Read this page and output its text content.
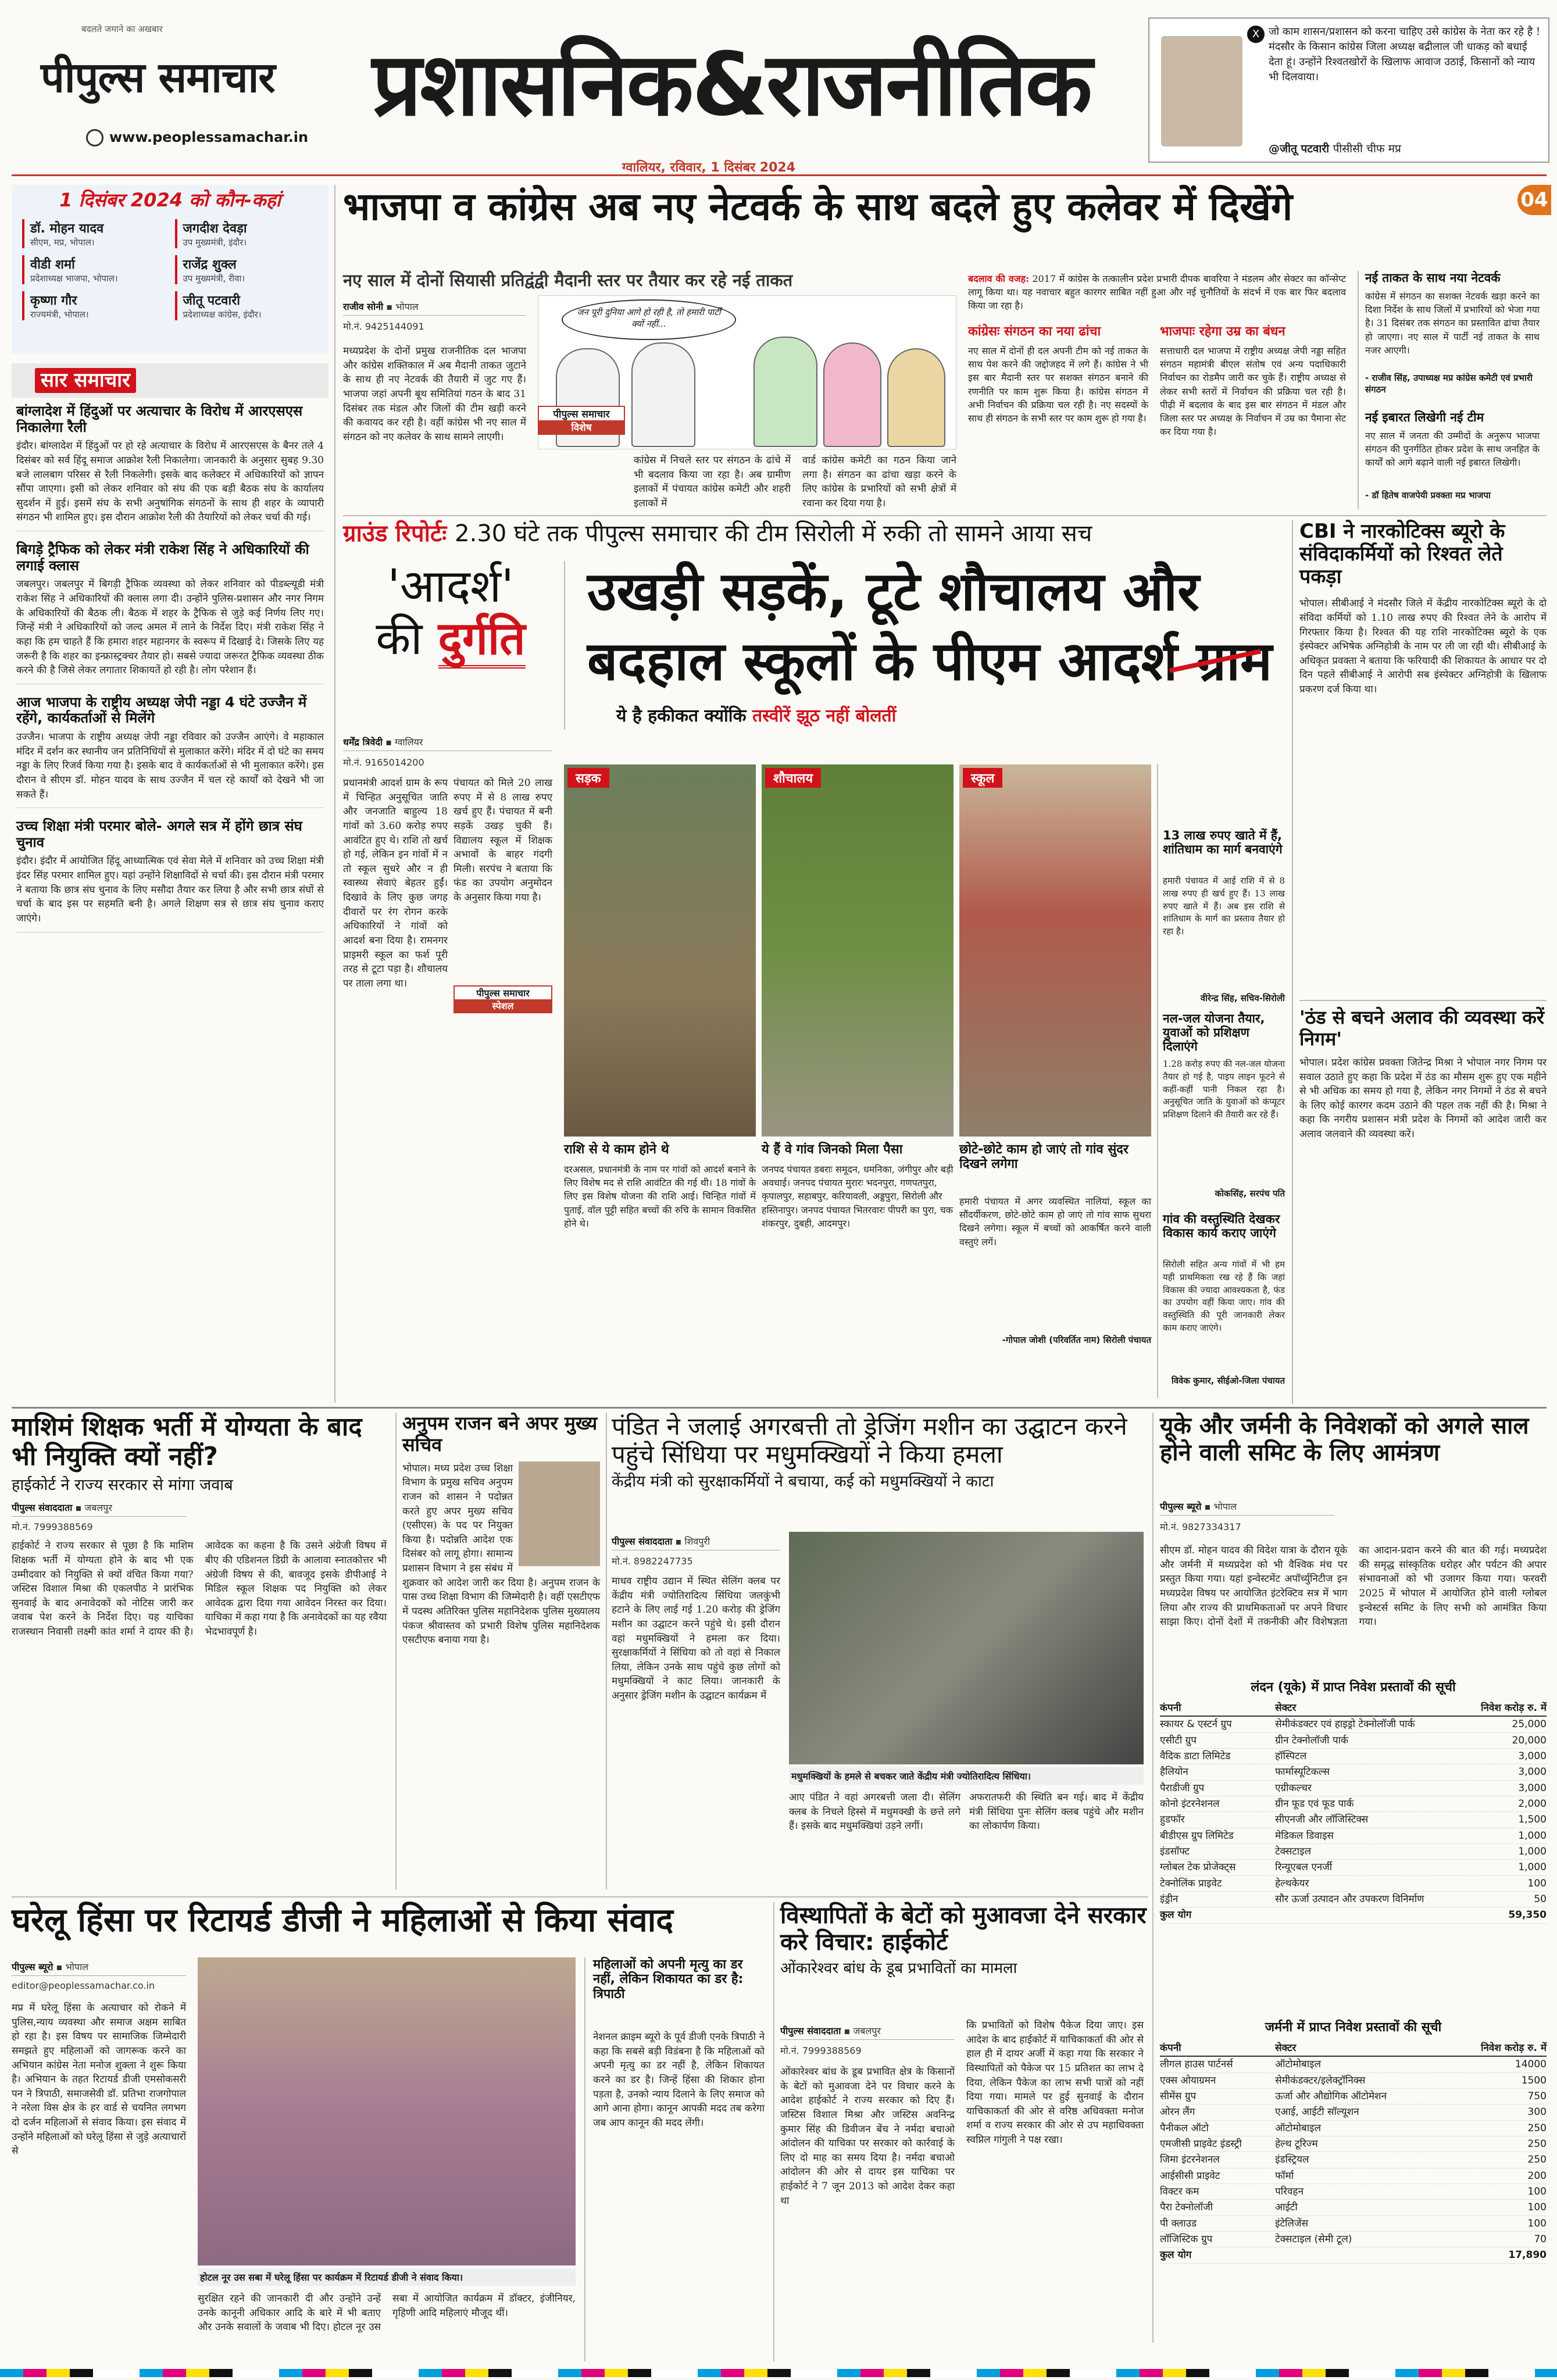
बदलते जमाने का अखबार
पीपुल्स समाचार
www.peoplessamachar.in
प्रशासनिक&राजनीतिक
ग्वालियर, रविवार, 1 दिसंबर 2024
X जो काम शासन/प्रशासन को करना चाहिए उसे कांग्रेस के नेता कर रहे है ! मंदसौर के किसान कांग्रेस जिला अध्यक्ष बद्रीलाल जी धाकड़ को बधाई देता हूं। उन्होंने रिश्वतखोरों के खिलाफ आवाज उठाई, किसानों को न्याय भी दिलवाया।
@जीतू पटवारी पीसीसी चीफ मप्र
04
1 दिसंबर 2024 को कौन-कहां
डॉ. मोहन यादव
सीएम, मप्र, भोपाल।
जगदीश देवड़ा
उप मुख्यमंत्री, इंदौर।
वीडी शर्मा
प्रदेशाध्यक्ष भाजपा, भोपाल।
राजेंद्र शुक्ल
उप मुख्यमंत्री, रीवा।
कृष्णा गौर
राज्यमंत्री, भोपाल।
जीतू पटवारी
प्रदेशाध्यक्ष कांग्रेस, इंदौर।
सार समाचार
बांग्लादेश में हिंदुओं पर अत्याचार के विरोध में आरएसएस निकालेगा रैली
इंदौर। बांग्लादेश में हिंदुओं पर हो रहे अत्याचार के विरोध में आरएसएस के बैनर तले 4 दिसंबर को सर्व हिंदू समाज आक्रोश रैली निकालेगा। जानकारी के अनुसार सुबह 9.30 बजे लालबाग परिसर से रैली निकलेगी। इसके बाद कलेक्टर में अधिकारियों को ज्ञापन सौंपा जाएगा। इसी को लेकर शनिवार को संघ की एक बड़ी बैठक संघ के कार्यालय सुदर्शन में हुई। इसमें संघ के सभी अनुषांगिक संगठनों के साथ ही शहर के व्यापारी संगठन भी शामिल हुए। इस दौरान आक्रोश रैली की तैयारियों को लेकर चर्चा की गई।
बिगड़े ट्रैफिक को लेकर मंत्री राकेश सिंह ने अधिकारियों की लगाई क्लास
जबलपुर। जबलपुर में बिगड़ी ट्रैफिक व्यवस्था को लेकर शनिवार को पीडब्ल्यूडी मंत्री राकेश सिंह ने अधिकारियों की क्लास लगा दी। उन्होंने पुलिस-प्रशासन और नगर निगम के अधिकारियों की बैठक ली। बैठक में शहर के ट्रैफिक से जुड़े कई निर्णय लिए गए। जिन्हें मंत्री ने अधिकारियों को जल्द अमल में लाने के निर्देश दिए। मंत्री राकेश सिंह ने कहा कि हम चाहते हैं कि हमारा शहर महानगर के स्वरूप में दिखाई दे। जिसके लिए यह जरूरी है कि शहर का इन्फ्रास्ट्रक्चर तैयार हो। सबसे ज्यादा जरूरत ट्रैफिक व्यवस्था ठीक करने की है जिसे लेकर लगातार शिकायतें हो रही है। लोग परेशान हैं।
आज भाजपा के राष्ट्रीय अध्यक्ष जेपी नड्डा 4 घंटे उज्जैन में रहेंगे, कार्यकर्ताओं से मिलेंगे
उज्जैन। भाजपा के राष्ट्रीय अध्यक्ष जेपी नड्डा रविवार को उज्जैन आएंगे। वे महाकाल मंदिर में दर्शन कर स्थानीय जन प्रतिनिधियों से मुलाकात करेंगे। मंदिर में दो घंटे का समय नड्डा के लिए रिजर्व किया गया है। इसके बाद वे कार्यकर्ताओं से भी मुलाकात करेंगे। इस दौरान वे सीएम डॉ. मोहन यादव के साथ उज्जैन में चल रहे कार्यों को देखने भी जा सकते हैं।
उच्च शिक्षा मंत्री परमार बोले- अगले सत्र में होंगे छात्र संघ चुनाव
इंदौर। इंदौर में आयोजित हिंदू आध्यात्मिक एवं सेवा मेले में शनिवार को उच्च शिक्षा मंत्री इंदर सिंह परमार शामिल हुए। यहां उन्होंने शिक्षाविदों से चर्चा की। इस दौरान मंत्री परमार ने बताया कि छात्र संघ चुनाव के लिए मसौदा तैयार कर लिया है और सभी छात्र संघों से चर्चा के बाद इस पर सहमति बनी है। अगले शिक्षण सत्र से छात्र संघ चुनाव कराए जाएंगे।
भाजपा व कांग्रेस अब नए नेटवर्क के साथ बदले हुए कलेवर में दिखेंगे
नए साल में दोनों सियासी प्रतिद्वंद्वी मैदानी स्तर पर तैयार कर रहे नई ताकत
राजीव सोनी ▪ भोपाल
मो.नं. 9425144091
मध्यप्रदेश के दोनों प्रमुख राजनीतिक दल भाजपा और कांग्रेस शक्तिकाल में अब मैदानी ताकत जुटाने के साथ ही नए नेटवर्क की तैयारी में जुट गए हैं। भाजपा जहां अपनी बूथ समितियां गठन के बाद 31 दिसंबर तक मंडल और जिलों की टीम खड़ी करने की कवायद कर रही है। वहीं कांग्रेस भी नए साल में संगठन को नए कलेवर के साथ सामने लाएगी।
जन पूरी दुनिया आगे हो रही है, तो हमारी पार्टी क्यों नहीं...
पीपुल्स समाचार
विशेष
कांग्रेस में निचले स्तर पर संगठन के ढांचे में भी बदलाव किया जा रहा है। अब ग्रामीण इलाकों में पंचायत कांग्रेस कमेटी और शहरी इलाकों में
वार्ड कांग्रेस कमेटी का गठन किया जाने लगा है। संगठन का ढांचा खड़ा करने के लिए कांग्रेस के प्रभारियों को सभी क्षेत्रों में रवाना कर दिया गया है।
बदलाव की वजह: 2017 में कांग्रेस के तत्कालीन प्रदेश प्रभारी दीपक बावरिया ने मंडलम और सेक्टर का कॉन्सेप्ट लागू किया था। यह नवाचार बहुत कारगर साबित नहीं हुआ और नई चुनौतियों के संदर्भ में एक बार फिर बदलाव किया जा रहा है।
कांग्रेसः संगठन का नया ढांचा
नए साल में दोनों ही दल अपनी टीम को नई ताकत के साथ पेश करने की जद्दोजहद में लगे हैं। कांग्रेस ने भी इस बार मैदानी स्तर पर सशक्त संगठन बनाने की रणनीति पर काम शुरू किया है। कांग्रेस संगठन में अभी निर्वाचन की प्रक्रिया चल रही है। नए सदस्यों के साथ ही संगठन के सभी स्तर पर काम शुरू हो गया है।
भाजपाः रहेगा उम्र का बंधन
सत्ताधारी दल भाजपा में राष्ट्रीय अध्यक्ष जेपी नड्डा सहित संगठन महामंत्री बीएल संतोष एवं अन्य पदाधिकारी निर्वाचन का रोडमैप जारी कर चुके हैं। राष्ट्रीय अध्यक्ष से लेकर सभी स्तरों में निर्वाचन की प्रक्रिया चल रही है। पीढ़ी में बदलाव के बाद इस बार संगठन में मंडल और जिला स्तर पर अध्यक्ष के निर्वाचन में उम्र का पैमाना सेट कर दिया गया है।
नई ताकत के साथ नया नेटवर्क
कांग्रेस में संगठन का सशक्त नेटवर्क खड़ा करने का दिशा निर्देश के साथ जिलों में प्रभारियों को भेजा गया है। 31 दिसंबर तक संगठन का प्रस्तावित ढांचा तैयार हो जाएगा। नए साल में पार्टी नई ताकत के साथ नजर आएगी।
- राजीव सिंह, उपाध्यक्ष मप्र कांग्रेस कमेटी एवं प्रभारी संगठन
नई इबारत लिखेगी नई टीम
नए साल में जनता की उम्मीदों के अनुरूप भाजपा संगठन की पुनर्गठित होकर प्रदेश के साथ जनहित के कार्यों को आगे बढ़ाने वाली नई इबारत लिखेगी।
- डॉ हितेष वाजपेयी प्रवक्ता मप्र भाजपा
ग्राउंड रिपोर्टः 2.30 घंटे तक पीपुल्स समाचार की टीम सिरोली में रुकी तो सामने आया सच
'आदर्श'
की दुर्गति
उखड़ी सड़कें, टूटे शौचालय और
बदहाल स्कूलों के पीएम आदर्श ग्राम
ये है हकीकत क्योंकि तस्वीरें झूठ नहीं बोलतीं
धर्मेंद्र त्रिवेदी ▪ ग्वालियर
मो.नं. 9165014200
प्रधानमंत्री आदर्श ग्राम के रूप में चिन्हित अनुसूचित जाति और जनजाति बाहुल्य 18 गांवों को 3.60 करोड़ रुपए आवंटित हुए थे। राशि तो खर्च हो गई, लेकिन इन गांवों में न तो स्कूल सुधरे और न ही स्वास्थ्य सेवाएं बेहतर हुईं। दिखावे के लिए कुछ जगह दीवारों पर रंग रोगन करके अधिकारियों ने गांवों को आदर्श बना दिया है। रामनगर प्राइमरी स्कूल का फर्श पूरी तरह से टूटा पड़ा है। शौचालय पर ताला लगा था।
पीपुल्स समाचार
स्पेशल
पंचायत को मिले 20 लाख रुपए में से 8 लाख रुपए खर्च हुए हैं। पंचायत में बनी सड़कें उखड़ चुकी हैं। विद्यालय स्कूल में शिक्षक अभावों के बाहर गंदगी मिली। सरपंच ने बताया कि फंड का उपयोग अनुमोदन के अनुसार किया गया है।
सड़क	शौचालय	स्कूल
राशि से ये काम होने थे
दरअसल, प्रधानमंत्री के नाम पर गांवों को आदर्श बनाने के लिए विशेष मद से राशि आवंटित की गई थी। 18 गांवों के लिए इस विशेष योजना की राशि आई। चिन्हित गांवों में पुताई, वॉल पुट्टी सहित बच्चों की रुचि के सामान विकसित होने थे।
ये हैं वे गांव जिनको मिला पैसा
जनपद पंचायत डबराः समूदन, धमनिका, जंगीपुर और बड़ी अवधाई। जनपद पंचायत मुरारः भदनपुरा, गणपतपुरा, कृपालपुर, सहाबपुर, करियावली, अड्डपुरा, सिरोली और हस्तिनापुर। जनपद पंचायत भितरवारः पीपरी का पुरा, चक शंकरपुर, दुबही, आदमपुर।
छोटे-छोटे काम हो जाएं तो गांव सुंदर दिखने लगेगा
हमारी पंचायत में अगर व्यवस्थित नालियां, स्कूल का सौंदर्यीकरण, छोटे-छोटे काम हो जाएं तो गांव साफ सुथरा दिखने लगेगा। स्कूल में बच्चों को आकर्षित करने वाली वस्तुएं लगें।
-गोपाल जोशी (परिवर्तित नाम) सिरोली पंचायत
13 लाख रुपए खाते में हैं, शांतिधाम का मार्ग बनवाएंगे
हमारी पंचायत में आई राशि में से 8 लाख रुपए ही खर्च हुए हैं। 13 लाख रुपए खाते में हैं। अब इस राशि से शांतिधाम के मार्ग का प्रस्ताव तैयार हो रहा है।
वीरेन्द्र सिंह, सचिव-सिरोली
नल-जल योजना तैयार, युवाओं को प्रशिक्षण दिलाएंगे
1.28 करोड़ रुपए की नल-जल योजना तैयार हो गई है, पाइप लाइन फूटने से कहीं-कहीं पानी निकल रहा है। अनुसूचित जाति के युवाओं को कंप्यूटर प्रशिक्षण दिलाने की तैयारी कर रहे हैं।
कोकसिंह, सरपंच पति
गांव की वस्तुस्थिति देखकर विकास कार्य कराए जाएंगे
सिरोली सहित अन्य गांवों में भी हम यही प्राथमिकता रख रहे हैं कि जहां विकास की ज्यादा आवश्यकता है, फंड का उपयोग वहीं किया जाए। गांव की वस्तुस्थिति की पूरी जानकारी लेकर काम कराए जाएंगे।
विवेक कुमार, सीईओ-जिला पंचायत
CBI ने नारकोटिक्स ब्यूरो के संविदाकर्मियों को रिश्वत लेते पकड़ा
भोपाल। सीबीआई ने मंदसौर जिले में केंद्रीय नारकोटिक्स ब्यूरो के दो संविदा कर्मियों को 1.10 लाख रुपए की रिश्वत लेने के आरोप में गिरफ्तार किया है। रिश्वत की यह राशि नारकोटिक्स ब्यूरो के एक इंस्पेक्टर अभिषेक अग्निहोत्री के नाम पर ली जा रही थी। सीबीआई के अधिकृत प्रवक्ता ने बताया कि फरियादी की शिकायत के आधार पर दो दिन पहले सीबीआई ने आरोपी सब इंस्पेक्टर अग्निहोत्री के खिलाफ प्रकरण दर्ज किया था।
'ठंड से बचने अलाव की व्यवस्था करें निगम'
भोपाल। प्रदेश कांग्रेस प्रवक्ता जितेन्द्र मिश्रा ने भोपाल नगर निगम पर सवाल उठाते हुए कहा कि प्रदेश में ठंड का मौसम शुरू हुए एक महीने से भी अधिक का समय हो गया है, लेकिन नगर निगमों ने ठंड से बचने के लिए कोई कारगर कदम उठाने की पहल तक नहीं की है। मिश्रा ने कहा कि नगरीय प्रशासन मंत्री प्रदेश के निगमों को आदेश जारी कर अलाव जलवाने की व्यवस्था करें।
माशिमं शिक्षक भर्ती में योग्यता के बाद भी नियुक्ति क्यों नहीं?
हाईकोर्ट ने राज्य सरकार से मांगा जवाब
पीपुल्स संवाददाता ▪ जबलपुर
मो.नं. 7999388569
हाईकोर्ट ने राज्य सरकार से पूछा है कि माशिम शिक्षक भर्ती में योग्यता होने के बाद भी एक उम्मीदवार को नियुक्ति से क्यों वंचित किया गया? जस्टिस विशाल मिश्रा की एकलपीठ ने प्रारंभिक सुनवाई के बाद अनावेदकों को नोटिस जारी कर जवाब पेश करने के निर्देश दिए। यह याचिका राजस्थान निवासी लक्ष्मी कांत शर्मा ने दायर की है। आवेदक का कहना है कि उसने अंग्रेजी विषय में बीए की एडिशनल डिग्री के आलावा स्नातकोत्तर भी अंग्रेजी विषय से की, बावजूद इसके डीपीआई ने मिडिल स्कूल शिक्षक पद नियुक्ति को लेकर आवेदक द्वारा दिया गया आवेदन निरस्त कर दिया। याचिका में कहा गया है कि अनावेदकों का यह रवैया भेदभावपूर्ण है।
अनुपम राजन बने अपर मुख्य सचिव
भोपाल। मध्य प्रदेश उच्च शिक्षा विभाग के प्रमुख सचिव अनुपम राजन को शासन ने पदोन्नत करते हुए अपर मुख्य सचिव (एसीएस) के पद पर नियुक्त किया है। पदोन्नति आदेश एक दिसंबर को लागू होगा। सामान्य प्रशासन विभाग ने इस संबंध में शुक्रवार को आदेश जारी कर दिया है। अनुपम राजन के पास उच्च शिक्षा विभाग की जिम्मेदारी है। वहीं एसटीएफ में पदस्थ अतिरिक्त पुलिस महानिदेशक पुलिस मुख्यालय पंकज श्रीवास्तव को प्रभारी विशेष पुलिस महानिदेशक एसटीएफ बनाया गया है।
पंडित ने जलाई अगरबत्ती तो ड्रेजिंग मशीन का उद्घाटन करने पहुंचे सिंधिया पर मधुमक्खियों ने किया हमला
केंद्रीय मंत्री को सुरक्षाकर्मियों ने बचाया, कई को मधुमक्खियों ने काटा
पीपुल्स संवाददाता ▪ शिवपुरी
मो.नं. 8982247735
माधव राष्ट्रीय उद्यान में स्थित सेलिंग क्लब पर केंद्रीय मंत्री ज्योतिरादित्य सिंधिया जलकुंभी हटाने के लिए लाई गई 1.20 करोड़ की ड्रेजिंग मशीन का उद्घाटन करने पहुंचे थे। इसी दौरान वहां मधुमक्खियों ने हमला कर दिया। सुरक्षाकर्मियों ने सिंधिया को तो वहां से निकाल लिया, लेकिन उनके साथ पहुंचे कुछ लोगों को मधुमक्खियों ने काट लिया। जानकारी के अनुसार ड्रेजिंग मशीन के उद्घाटन कार्यक्रम में
मधुमक्खियों के हमले से बचकर जाते केंद्रीय मंत्री ज्योतिरादित्य सिंधिया।
आए पंडित ने वहां अगरबत्ती जला दी। सेलिंग क्लब के निचले हिस्से में मधुमक्खी के छत्ते लगे हैं। इसके बाद मधुमक्खियां उड़ने लगीं।
अफरातफरी की स्थिति बन गई। बाद में केंद्रीय मंत्री सिंधिया पुनः सेलिंग क्लब पहुंचे और मशीन का लोकार्पण किया।
यूके और जर्मनी के निवेशकों को अगले साल होने वाली समिट के लिए आमंत्रण
पीपुल्स ब्यूरो ▪ भोपाल
मो.नं. 9827334317
सीएम डॉ. मोहन यादव की विदेश यात्रा के दौरान यूके और जर्मनी में मध्यप्रदेश को भी वैश्विक मंच पर प्रस्तुत किया गया। यहां इन्वेस्टमेंट अपॉर्च्युनिटीज इन मध्यप्रदेश विषय पर आयोजित इंटरेक्टिव सत्र में भाग लिया और राज्य की प्राथमिकताओं पर अपने विचार साझा किए। दोनों देशों में तकनीकी और विशेषज्ञता का आदान-प्रदान करने की बात की गई। मध्यप्रदेश की समृद्ध सांस्कृतिक धरोहर और पर्यटन की अपार संभावनाओं को भी उजागर किया गया। फरवरी 2025 में भोपाल में आयोजित होने वाली ग्लोबल इन्वेस्टर्स समिट के लिए सभी को आमंत्रित किया गया।
लंदन (यूके) में प्राप्त निवेश प्रस्तावों की सूची
कंपनी	सेक्टर	निवेश करोड़ रु. में
स्कायर & एस्टर्न ग्रुप	सेमीकंडक्टर एवं हाइड्रो टेक्नोलॉजी पार्क	25,000
एसीटी ग्रुप	ग्रीन टेक्नोलॉजी पार्क	20,000
वैदिक डाटा लिमिटेड	हॉस्पिटल	3,000
हैलियोन	फार्मास्यूटिकल्स	3,000
पैराडीजी ग्रुप	एग्रीकल्चर	3,000
कोनो इंटरनेशनल	ग्रीन फूड एवं फूड पार्क	2,000
हुडफॉर	सीएनजी और लॉजिस्टिक्स	1,500
बीडीएस ग्रुप लिमिटेड	मेडिकल डिवाइस	1,000
इंडसॉफ्ट	टेक्सटाइल	1,000
ग्लोबल टेक प्रोजेक्ट्स	रिन्यूएबल एनर्जी	1,000
टेक्नोलिंक प्राइवेट	हेल्थकेयर	100
इंड्रीन	सौर ऊर्जा उत्पादन और उपकरण विनिर्माण	50
कुल योग	59,350
जर्मनी में प्राप्त निवेश प्रस्तावों की सूची
कंपनी	सेक्टर	निवेश करोड़ रु. में
लीगल हाउस पार्टनर्स	ऑटोमोबाइल	14000
एक्स ओयाग्रमन	सेमीकंडक्टर/इलेक्ट्रॉनिक्स	1500
सीमेंस ग्रुप	ऊर्जा और औद्योगिक ऑटोमेशन	750
ओरन लैंग	एआई, आईटी सॉल्यूशन	300
पैनीकल ऑटो	ऑटोमोबाइल	250
एमजीसी प्राइवेट इंडस्ट्री	हेल्थ टूरिज्म	250
जिमा इंटरनेशनल	इंडस्ट्रियल	250
आईसीसी प्राइवेट	फॉर्मा	200
विक्टर कम	परिवहन	100
पैरा टेक्नोलॉजी	आईटी	100
पी क्लाउड	इंटेलिजेंस	100
लॉजिस्टिक ग्रुप	टेक्सटाइल (सेमी टूल)	70
कुल योग	17,890
घरेलू हिंसा पर रिटायर्ड डीजी ने महिलाओं से किया संवाद
पीपुल्स ब्यूरो ▪ भोपाल
editor@peoplessamachar.co.in
मप्र में घरेलू हिंसा के अत्याचार को रोकने में पुलिस,न्याय व्यवस्था और समाज अक्षम साबित हो रहा है। इस विषय पर सामाजिक जिम्मेदारी समझते हुए महिलाओं को जागरूक करने का अभियान कांग्रेस नेता मनोज शुक्ला ने शुरू किया है। अभियान के तहत रिटायर्ड डीजी एमसोकसरी पन ने त्रिपाठी, समाजसेवी डॉ. प्रतिभा राजगोपाल ने नरेला विस क्षेत्र के हर वार्ड से चयनित लगभग दो दर्जन महिलाओं से संवाद किया। इस संवाद में उन्होंने महिलाओं को घरेलू हिंसा से जुड़े अत्याचारों से
होटल नूर उस सबा में घरेलू हिंसा पर कार्यक्रम में रिटायर्ड डीजी ने संवाद किया।
सुरक्षित रहने की जानकारी दी और उन्होंने उन्हें उनके कानूनी अधिकार आदि के बारे में भी बताए और उनके सवालों के जवाब भी दिए। होटल नूर उस सबा में आयोजित कार्यक्रम में डॉक्टर, इंजीनियर, गृहिणी आदि महिलाएं मौजूद थीं।
महिलाओं को अपनी मृत्यु का डर नहीं, लेकिन शिकायत का डर है: त्रिपाठी
नेशनल क्राइम ब्यूरो के पूर्व डीजी एनके त्रिपाठी ने कहा कि सबसे बड़ी विडंबना है कि महिलाओं को अपनी मृत्यु का डर नहीं है, लेकिन शिकायत करने का डर है। जिन्हें हिंसा की शिकार होना पड़ता है, उनको न्याय दिलाने के लिए समाज को आगे आना होगा। कानून आपकी मदद तब करेगा जब आप कानून की मदद लेंगी।
विस्थापितों के बेटों को मुआवजा देने सरकार करे विचार: हाईकोर्ट
ओंकारेश्वर बांध के डूब प्रभावितों का मामला
पीपुल्स संवाददाता ▪ जबलपुर
मो.नं. 7999388569
ओंकारेश्वर बांध के डूब प्रभावित क्षेत्र के किसानों के बेटों को मुआवजा देने पर विचार करने के आदेश हाईकोर्ट ने राज्य सरकार को दिए हैं। जस्टिस विशाल मिश्रा और जस्टिस अवनिन्द्र कुमार सिंह की डिवीजन बेंच ने नर्मदा बचाओ आंदोलन की याचिका पर सरकार को कार्रवाई के लिए दो माह का समय दिया है। नर्मदा बचाओ आंदोलन की ओर से दायर इस याचिका पर हाईकोर्ट ने 7 जून 2013 को आदेश देकर कहा था
कि प्रभावितों को विशेष पैकेज दिया जाए। इस आदेश के बाद हाईकोर्ट में याचिकाकर्ता की ओर से हाल ही में दायर अर्जी में कहा गया कि सरकार ने विस्थापितों को पैकेज पर 15 प्रतिशत का लाभ दे दिया, लेकिन पैकेज का लाभ सभी पात्रों को नहीं दिया गया। मामले पर हुई सुनवाई के दौरान याचिकाकर्ता की ओर से वरिष्ठ अधिवक्ता मनोज शर्मा व राज्य सरकार की ओर से उप महाधिवक्ता स्वप्निल गांगुली ने पक्ष रखा।
